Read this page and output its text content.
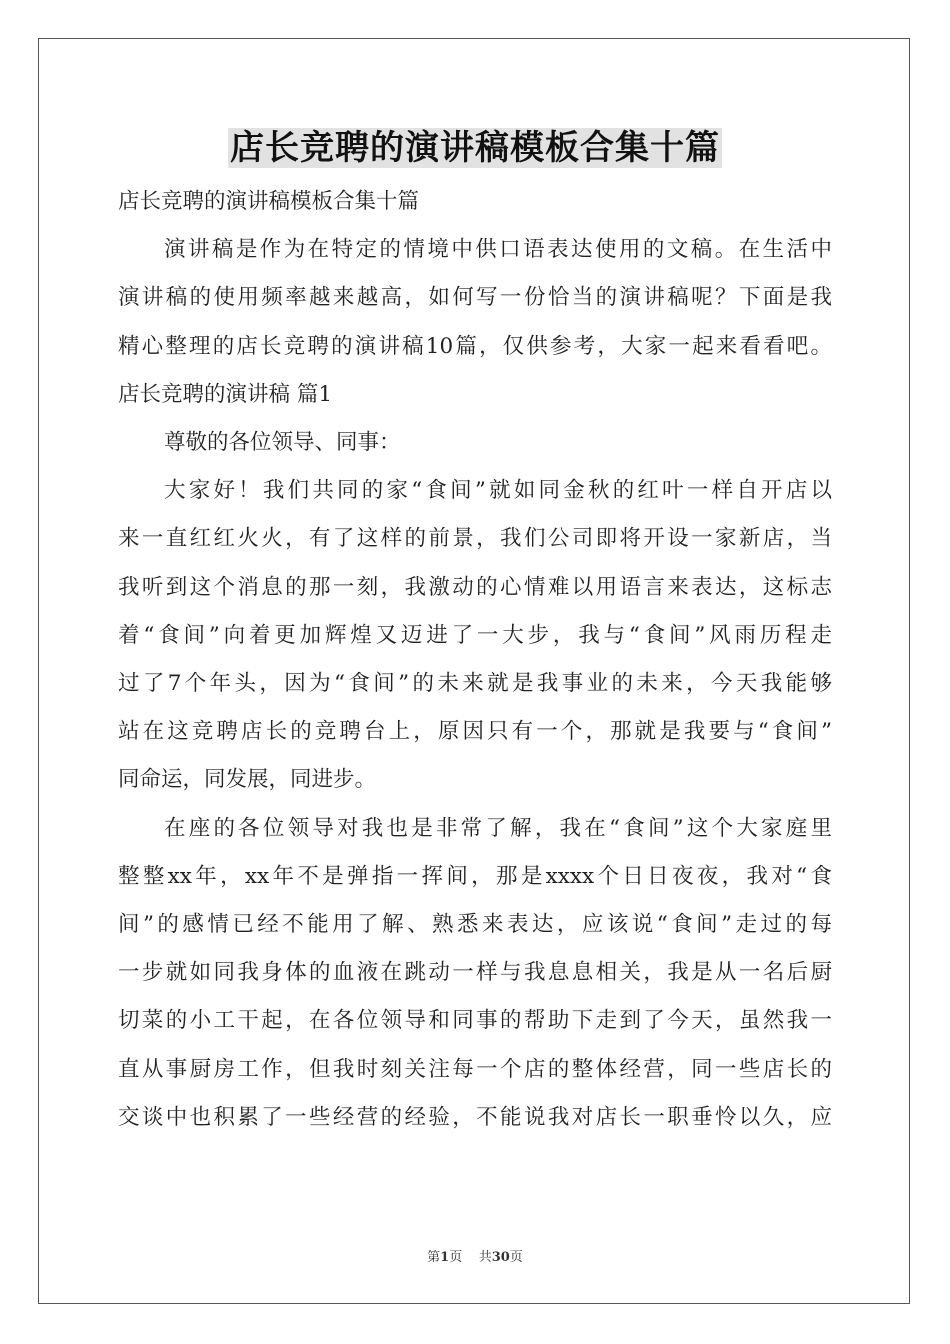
店长竞聘的演讲稿模板合集十篇
店长竞聘的演讲稿模板合集十篇
演讲稿是作为在特定的情境中供口语表达使用的文稿。在生活中
演讲稿的使用频率越来越高，如何写一份恰当的演讲稿呢？下面是我
精心整理的店长竞聘的演讲稿10篇，仅供参考，大家一起来看看吧。
店长竞聘的演讲稿 篇1
尊敬的各位领导、同事：
大家好！我们共同的家“食间”就如同金秋的红叶一样自开店以
来一直红红火火，有了这样的前景，我们公司即将开设一家新店，当
我听到这个消息的那一刻，我激动的心情难以用语言来表达，这标志
着“食间”向着更加辉煌又迈进了一大步，我与“食间”风雨历程走
过了7个年头，因为“食间”的未来就是我事业的未来，今天我能够
站在这竞聘店长的竞聘台上，原因只有一个，那就是我要与“食间”
同命运，同发展，同进步。
在座的各位领导对我也是非常了解，我在“食间”这个大家庭里
整整xx年，xx年不是弹指一挥间，那是xxxx个日日夜夜，我对“食
间”的感情已经不能用了解、熟悉来表达，应该说“食间”走过的每
一步就如同我身体的血液在跳动一样与我息息相关，我是从一名后厨
切菜的小工干起，在各位领导和同事的帮助下走到了今天，虽然我一
直从事厨房工作，但我时刻关注每一个店的整体经营，同一些店长的
交谈中也积累了一些经营的经验，不能说我对店长一职垂怜以久，应
第1页    共30页
